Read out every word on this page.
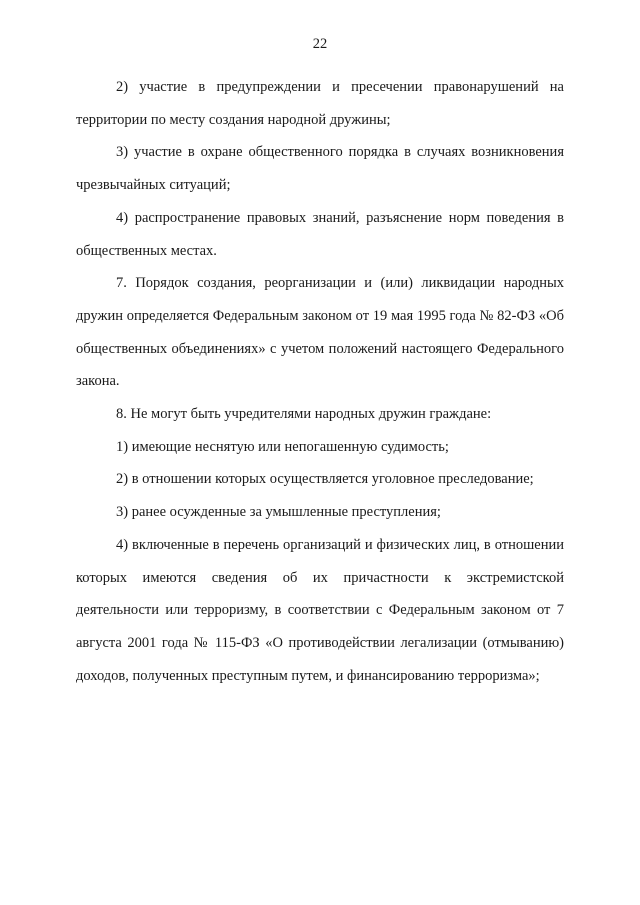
22

2) участие в предупреждении и пресечении правонарушений на территории по месту создания народной дружины;

3) участие в охране общественного порядка в случаях возникновения чрезвычайных ситуаций;

4) распространение правовых знаний, разъяснение норм поведения в общественных местах.

7. Порядок создания, реорганизации и (или) ликвидации народных дружин определяется Федеральным законом от 19 мая 1995 года № 82-ФЗ «Об общественных объединениях» с учетом положений настоящего Федерального закона.

8. Не могут быть учредителями народных дружин граждане:

1) имеющие неснятую или непогашенную судимость;

2) в отношении которых осуществляется уголовное преследование;

3) ранее осужденные за умышленные преступления;

4) включенные в перечень организаций и физических лиц, в отношении которых имеются сведения об их причастности к экстремистской деятельности или терроризму, в соответствии с Федеральным законом от 7 августа 2001 года № 115-ФЗ «О противодействии легализации (отмыванию) доходов, полученных преступным путем, и финансированию терроризма»;
